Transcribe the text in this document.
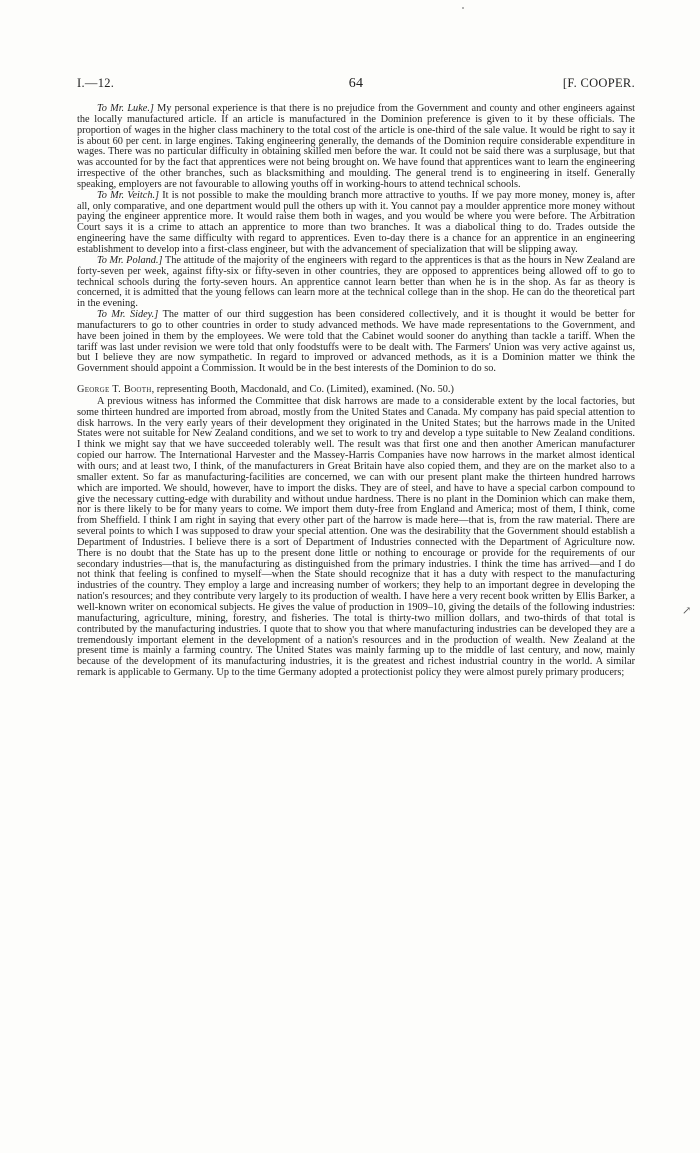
I.—12.	64	[F. COOPER.

To Mr. Luke.] My personal experience is that there is no prejudice from the Government and county and other engineers against the locally manufactured article. If an article is manufactured in the Dominion preference is given to it by these officials. The proportion of wages in the higher class machinery to the total cost of the article is one-third of the sale value. It would be right to say it is about 60 per cent. in large engines. Taking engineering generally, the demands of the Dominion require considerable expenditure in wages. There was no particular difficulty in obtaining skilled men before the war. It could not be said there was a surplusage, but that was accounted for by the fact that apprentices were not being brought on. We have found that apprentices want to learn the engineering irrespective of the other branches, such as blacksmithing and moulding. The general trend is to engineering in itself. Generally speaking, employers are not favourable to allowing youths off in working-hours to attend technical schools.

To Mr. Veitch.] It is not possible to make the moulding branch more attractive to youths. If we pay more money, money is, after all, only comparative, and one department would pull the others up with it. You cannot pay a moulder apprentice more money without paying the engineer apprentice more. It would raise them both in wages, and you would be where you were before. The Arbitration Court says it is a crime to attach an apprentice to more than two branches. It was a diabolical thing to do. Trades outside the engineering have the same difficulty with regard to apprentices. Even to-day there is a chance for an apprentice in an engineering establishment to develop into a first-class engineer, but with the advancement of specialization that will be slipping away.

To Mr. Poland.] The attitude of the majority of the engineers with regard to the apprentices is that as the hours in New Zealand are forty-seven per week, against fifty-six or fifty-seven in other countries, they are opposed to apprentices being allowed off to go to technical schools during the forty-seven hours. An apprentice cannot learn better than when he is in the shop. As far as theory is concerned, it is admitted that the young fellows can learn more at the technical college than in the shop. He can do the theoretical part in the evening.

To Mr. Sidey.] The matter of our third suggestion has been considered collectively, and it is thought it would be better for manufacturers to go to other countries in order to study advanced methods. We have made representations to the Government, and have been joined in them by the employees. We were told that the Cabinet would sooner do anything than tackle a tariff. When the tariff was last under revision we were told that only foodstuffs were to be dealt with. The Farmers' Union was very active against us, but I believe they are now sympathetic. In regard to improved or advanced methods, as it is a Dominion matter we think the Government should appoint a Commission. It would be in the best interests of the Dominion to do so.

George T. Booth, representing Booth, Macdonald, and Co. (Limited), examined. (No. 50.)

A previous witness has informed the Committee that disk harrows are made to a considerable extent by the local factories, but some thirteen hundred are imported from abroad, mostly from the United States and Canada. My company has paid special attention to disk harrows. In the very early years of their development they originated in the United States; but the harrows made in the United States were not suitable for New Zealand conditions, and we set to work to try and develop a type suitable to New Zealand conditions. I think we might say that we have succeeded tolerably well. The result was that first one and then another American manufacturer copied our harrow. The International Harvester and the Massey-Harris Companies have now harrows in the market almost identical with ours; and at least two, I think, of the manufacturers in Great Britain have also copied them, and they are on the market also to a smaller extent. So far as manufacturing-facilities are concerned, we can with our present plant make the thirteen hundred harrows which are imported. We should, however, have to import the disks. They are of steel, and have to have a special carbon compound to give the necessary cutting-edge with durability and without undue hardness. There is no plant in the Dominion which can make them, nor is there likely to be for many years to come. We import them duty-free from England and America; most of them, I think, come from Sheffield. I think I am right in saying that every other part of the harrow is made here—that is, from the raw material. There are several points to which I was supposed to draw your special attention. One was the desirability that the Government should establish a Department of Industries. I believe there is a sort of Department of Industries connected with the Department of Agriculture now. There is no doubt that the State has up to the present done little or nothing to encourage or provide for the requirements of our secondary industries—that is, the manufacturing as distinguished from the primary industries. I think the time has arrived—and I do not think that feeling is confined to myself—when the State should recognize that it has a duty with respect to the manufacturing industries of the country. They employ a large and increasing number of workers; they help to an important degree in developing the nation's resources; and they contribute very largely to its production of wealth. I have here a very recent book written by Ellis Barker, a well-known writer on economical subjects. He gives the value of production in 1909–10, giving the details of the following industries: manufacturing, agriculture, mining, forestry, and fisheries. The total is thirty-two million dollars, and two-thirds of that total is contributed by the manufacturing industries. I quote that to show you that where manufacturing industries can be developed they are a tremendously important element in the development of a nation's resources and in the production of wealth. New Zealand at the present time is mainly a farming country. The United States was mainly farming up to the middle of last century, and now, mainly because of the development of its manufacturing industries, it is the greatest and richest industrial country in the world. A similar remark is applicable to Germany. Up to the time Germany adopted a protectionist policy they were almost purely primary producers;

↗
